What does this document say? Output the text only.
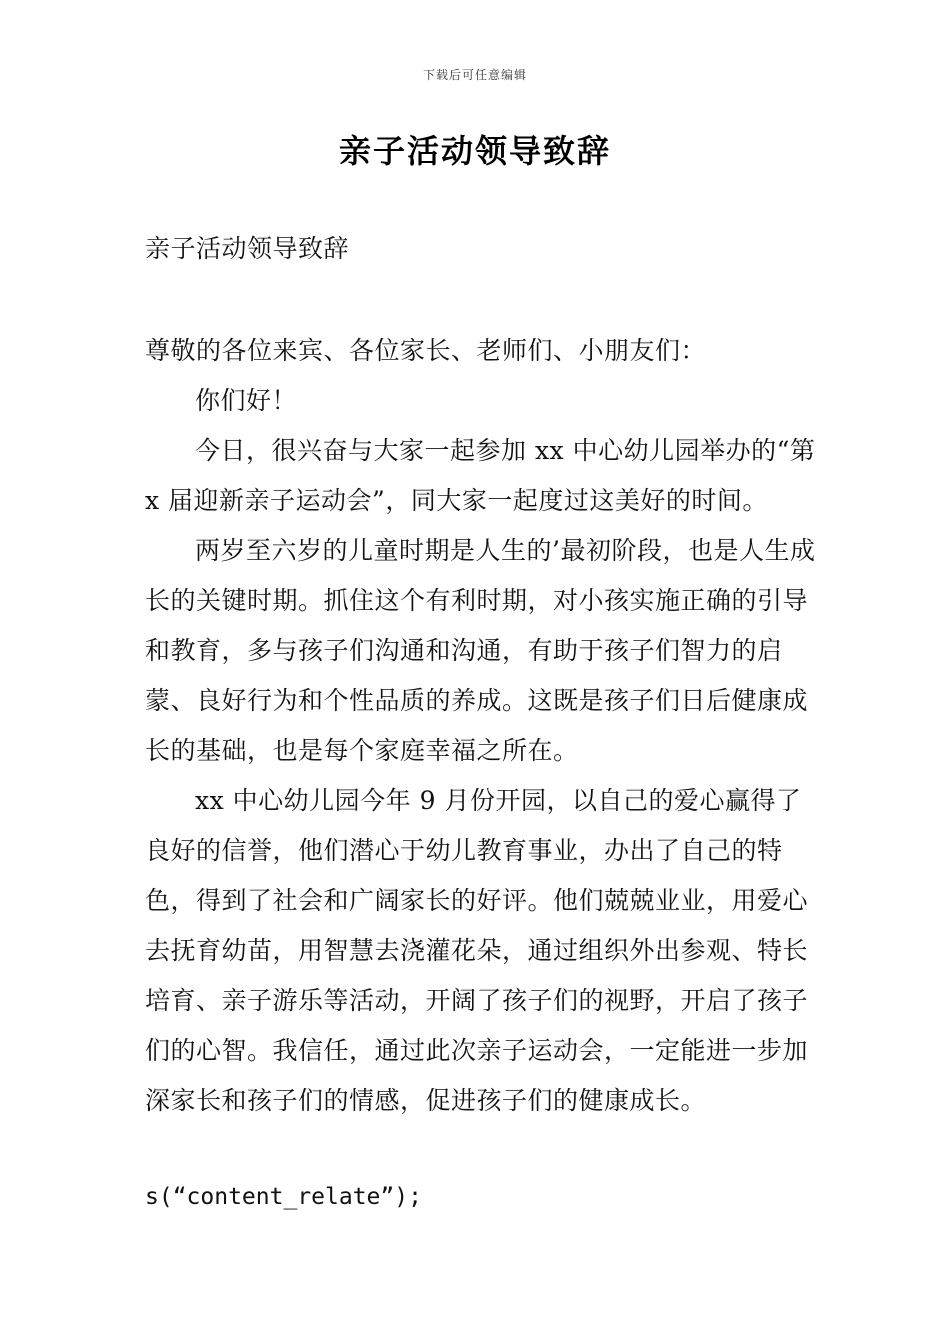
下载后可任意编辑
亲子活动领导致辞
亲子活动领导致辞

尊敬的各位来宾、各位家长、老师们、小朋友们：

你们好！

今日，很兴奋与大家一起参加 xx 中心幼儿园举办的“第 x 届迎新亲子运动会”，同大家一起度过这美好的时间。

两岁至六岁的儿童时期是人生的’最初阶段，也是人生成长的关键时期。抓住这个有利时期，对小孩实施正确的引导和教育，多与孩子们沟通和沟通，有助于孩子们智力的启蒙、良好行为和个性品质的养成。这既是孩子们日后健康成长的基础，也是每个家庭幸福之所在。

xx 中心幼儿园今年 9 月份开园，以自己的爱心赢得了良好的信誉，他们潜心于幼儿教育事业，办出了自己的特色，得到了社会和广阔家长的好评。他们兢兢业业，用爱心去抚育幼苗，用智慧去浇灌花朵，通过组织外出参观、特长培育、亲子游乐等活动，开阔了孩子们的视野，开启了孩子们的心智。我信任，通过此次亲子运动会，一定能进一步加深家长和孩子们的情感，促进孩子们的健康成长。

s(“content_relate”);
